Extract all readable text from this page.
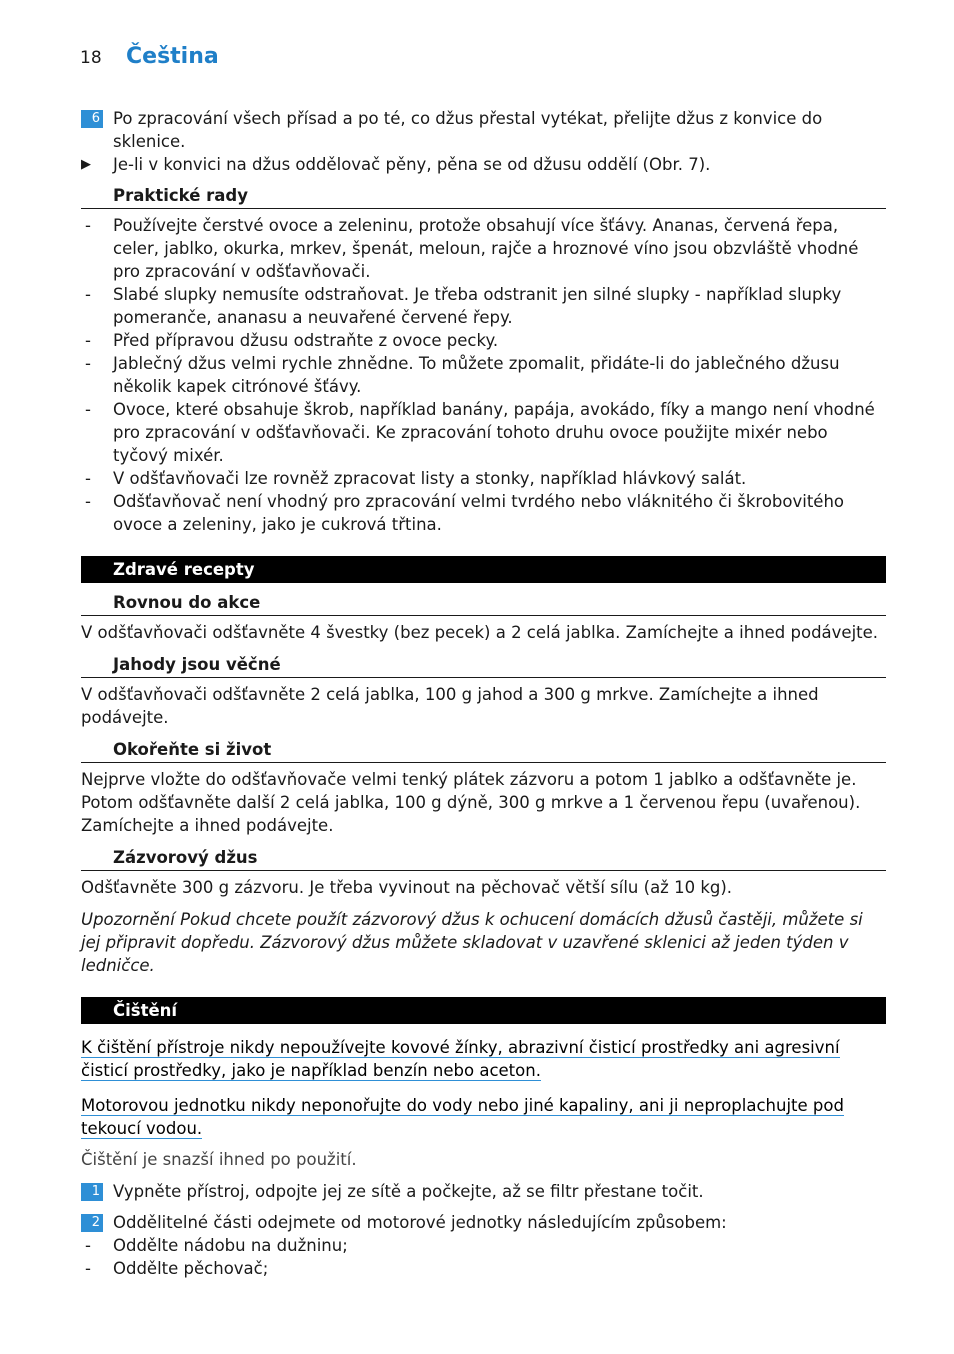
18	Čeština
6 Po zpracování všech přísad a po té, co džus přestal vytékat, přelijte džus z konvice do sklenice.
▶ Je-li v konvici na džus oddělovač pěny, pěna se od džusu oddělí (Obr. 7).
Praktické rady
- Používejte čerstvé ovoce a zeleninu, protože obsahují více šťávy. Ananas, červená řepa, celer, jablko, okurka, mrkev, špenát, meloun, rajče a hroznové víno jsou obzvláště vhodné pro zpracování v odšťavňovači.
- Slabé slupky nemusíte odstraňovat. Je třeba odstranit jen silné slupky - například slupky pomeranče, ananasu a neuvařené červené řepy.
- Před přípravou džusu odstraňte z ovoce pecky.
- Jablečný džus velmi rychle zhnědne. To můžete zpomalit, přidáte-li do jablečného džusu několik kapek citrónové šťávy.
- Ovoce, které obsahuje škrob, například banány, papája, avokádo, fíky a mango není vhodné pro zpracování v odšťavňovači. Ke zpracování tohoto druhu ovoce použijte mixér nebo tyčový mixér.
- V odšťavňovači lze rovněž zpracovat listy a stonky, například hlávkový salát.
- Odšťavňovač není vhodný pro zpracování velmi tvrdého nebo vláknitého či škrobovitého ovoce a zeleniny, jako je cukrová třtina.
Zdravé recepty
Rovnou do akce
V odšťavňovači odšťavněte 4 švestky (bez pecek) a 2 celá jablka. Zamíchejte a ihned podávejte.
Jahody jsou věčné
V odšťavňovači odšťavněte 2 celá jablka, 100 g jahod a 300 g mrkve. Zamíchejte a ihned podávejte.
Okořeňte si život
Nejprve vložte do odšťavňovače velmi tenký plátek zázvoru a potom 1 jablko a odšťavněte je. Potom odšťavněte další 2 celá jablka, 100 g dýně, 300 g mrkve a 1 červenou řepu (uvařenou). Zamíchejte a ihned podávejte.
Zázvorový džus
Odšťavněte 300 g zázvoru. Je třeba vyvinout na pěchovač větší sílu (až 10 kg).
Upozornění Pokud chcete použít zázvorový džus k ochucení domácích džusů častěji, můžete si jej připravit dopředu. Zázvorový džus můžete skladovat v uzavřené sklenici až jeden týden v ledničce.
Čištění
K čištění přístroje nikdy nepoužívejte kovové žínky, abrazivní čisticí prostředky ani agresivní čisticí prostředky, jako je například benzín nebo aceton.
Motorovou jednotku nikdy neponořujte do vody nebo jiné kapaliny, ani ji neproplachujte pod tekoucí vodou.
Čištění je snazší ihned po použití.
1 Vypněte přístroj, odpojte jej ze sítě a počkejte, až se filtr přestane točit.
2 Oddělitelné části odejmete od motorové jednotky následujícím způsobem:
- Oddělte nádobu na dužninu;
- Oddělte pěchovač;
